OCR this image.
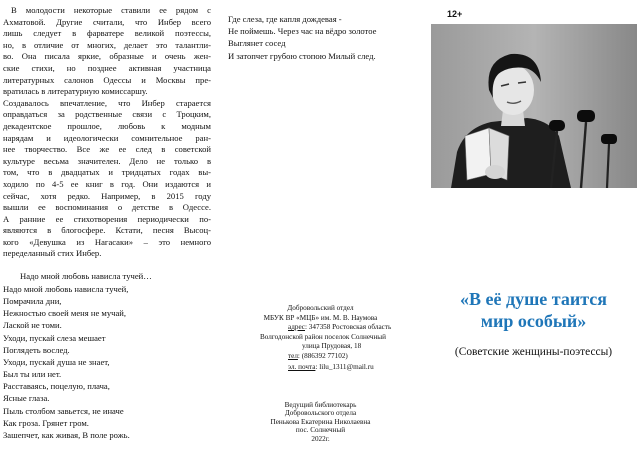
В молодости некоторые ставили ее рядом с
Ахматовой. Другие считали, что Инбер всего
лишь следует в фарватере великой поэтессы,
но, в отличие от многих, делает это талантли-
во. Она писала яркие, образные и очень жен-
ские стихи, но позднее активная участница
литературных салонов Одессы и Москвы пре-
вратилась в литературную комиссаршу.
Создавалось впечатление, что Инбер старается
оправдаться за родственные связи с Троцким,
декадентское прошлое, любовь к модным
нарядам и идеологически сомнительное ран-
нее творчество. Все же ее след в советской
культуре весьма значителен. Дело не только в
том, что в двадцатых и тридцатых годах вы-
ходило по 4-5 ее книг в год. Они издаются и
сейчас, хотя редко. Например, в 2015 году
вышли ее воспоминания о детстве в Одессе.
А ранние ее стихотворения периодически по-
являются в блогосфере. Кстати, песня Высоц-
кого «Девушка из Нагасаки» – это немного
переделанный стих Инбер.
Надо мной любовь нависла тучей…
Надо мной любовь нависла тучей,
Помрачила дни,
Нежностью своей меня не мучай,
Лаской не томи.
Уходи, пускай слеза мешает
Поглядеть вослед.
Уходи, пускай душа не знает,
Был ты или нет.
Расставаясь, поцелую, плача,
Ясные глаза.
Пыль столбом завьется, не иначе
Как гроза. Грянет гром.
Зашепчет, как живая, В поле рожь.
Где слеза, где капля дождевая -
Не поймешь. Через час на вёдро золотое
Выглянет сосед
И затопчет грубою стопою Милый след.
Добровольский отдел
МБУК ВР «МЦБ» им. М. В. Наумова
адрес: 347358 Ростовская область
Волгодонской район поселок Солнечный
улица Прудовая, 18
тел: (886392 77102)
эл. почта: lilu_1311@mail.ru
Ведущий библиотекарь
Добровольского отдела
Пенькова Екатерина Николаевна
пос. Солнечный
2022г.
12+
«В её душе таится
мир особый»
(Советские женщины-поэтессы)
